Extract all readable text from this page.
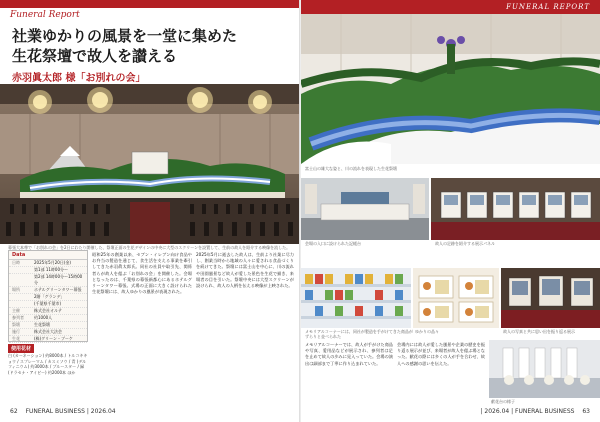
Funeral Report
社業ゆかりの風景を一堂に集めた
生花祭壇で故人を讃える
赤羽眞太郎 様「お別れの会」
幕張大本尊で「お別れの会」を2日にわたり開催した、祭壇正面の生花デザインの中央に大型のスクリーンを設置して、生前の故人を紹介する映像を流した。
Data
日時	2025年5月20日(金)
第1部 11時00分〜
第2部 14時00分〜15時00分
場所	ホテルグリーンタワー幕張
2階「グランデ」
(千葉県千葉市)
主催	株式会社オルテ
参列者	約1000人
祭壇	生花祭壇
施行	株式会社大法会
生花	(株)グリーン・ブーケ
使用花材
白 (カーネーション) 約8000本 / トルコキキョウ / スプレーマム / カスミソウ / 青 (デルフィニウム) 約3000本 / ブルースター / 緑 (ドラセナ・アイビー) 約2000本 ほか
昭和25年の創業以来、セブン・イレブン向け食品やお弁当の製造を通じて、食生活を支える事業を牽引してきた赤羽眞太郎氏。同社の社員や取引先、関係者らが故人を偲ぶ「お別れの会」を開催した。会場となったのは、千葉県の幕張新都心にあるホテルグリーンタワー幕張。式場の正面に大きく設けられた生花祭壇には、故人ゆかりの風景が表現された。
2025年5月に逝去した故人は、生前より社業に尽力し、創業当時から地域の人々に愛される食品づくりを続けてきた。祭壇には富士山を中心に、川の流れや田園風景など故人が愛した景色を生花で描き、来場者の目を引いた。祭壇中央には大型スクリーンが設けられ、故人の人柄を伝える映像が上映された。
62 FUNERAL BUSINESS | 2026.04
FUNERAL REPORT
富士山の雄大な姿と、川の流れを表現した生花祭壇
会場の入口に設けられた記帳台	故人の足跡を紹介する展示パネル
メモリアルコーナーには、同社が製造を手がけてきた商品がずらりと並べられた
ゆかりの品々	故人の写真と共に思い出を振り返る展示
メモリアルコーナーでは、故人が手がけた商品や写真、愛用品などが展示され、参列者は足を止めて故人の歩みに見入っていた。会場の演出は細部まで丁寧に作り込まれていた。
会場内には故人が愛した風景や企業の歴史を振り返る展示が並び、来場者が故人を偲ぶ場となった。献花の際には多くの人が手を合わせ、故人への感謝の思いを伝えた。
献花台の様子
| 2026.04 | FUNERAL BUSINESS 63
